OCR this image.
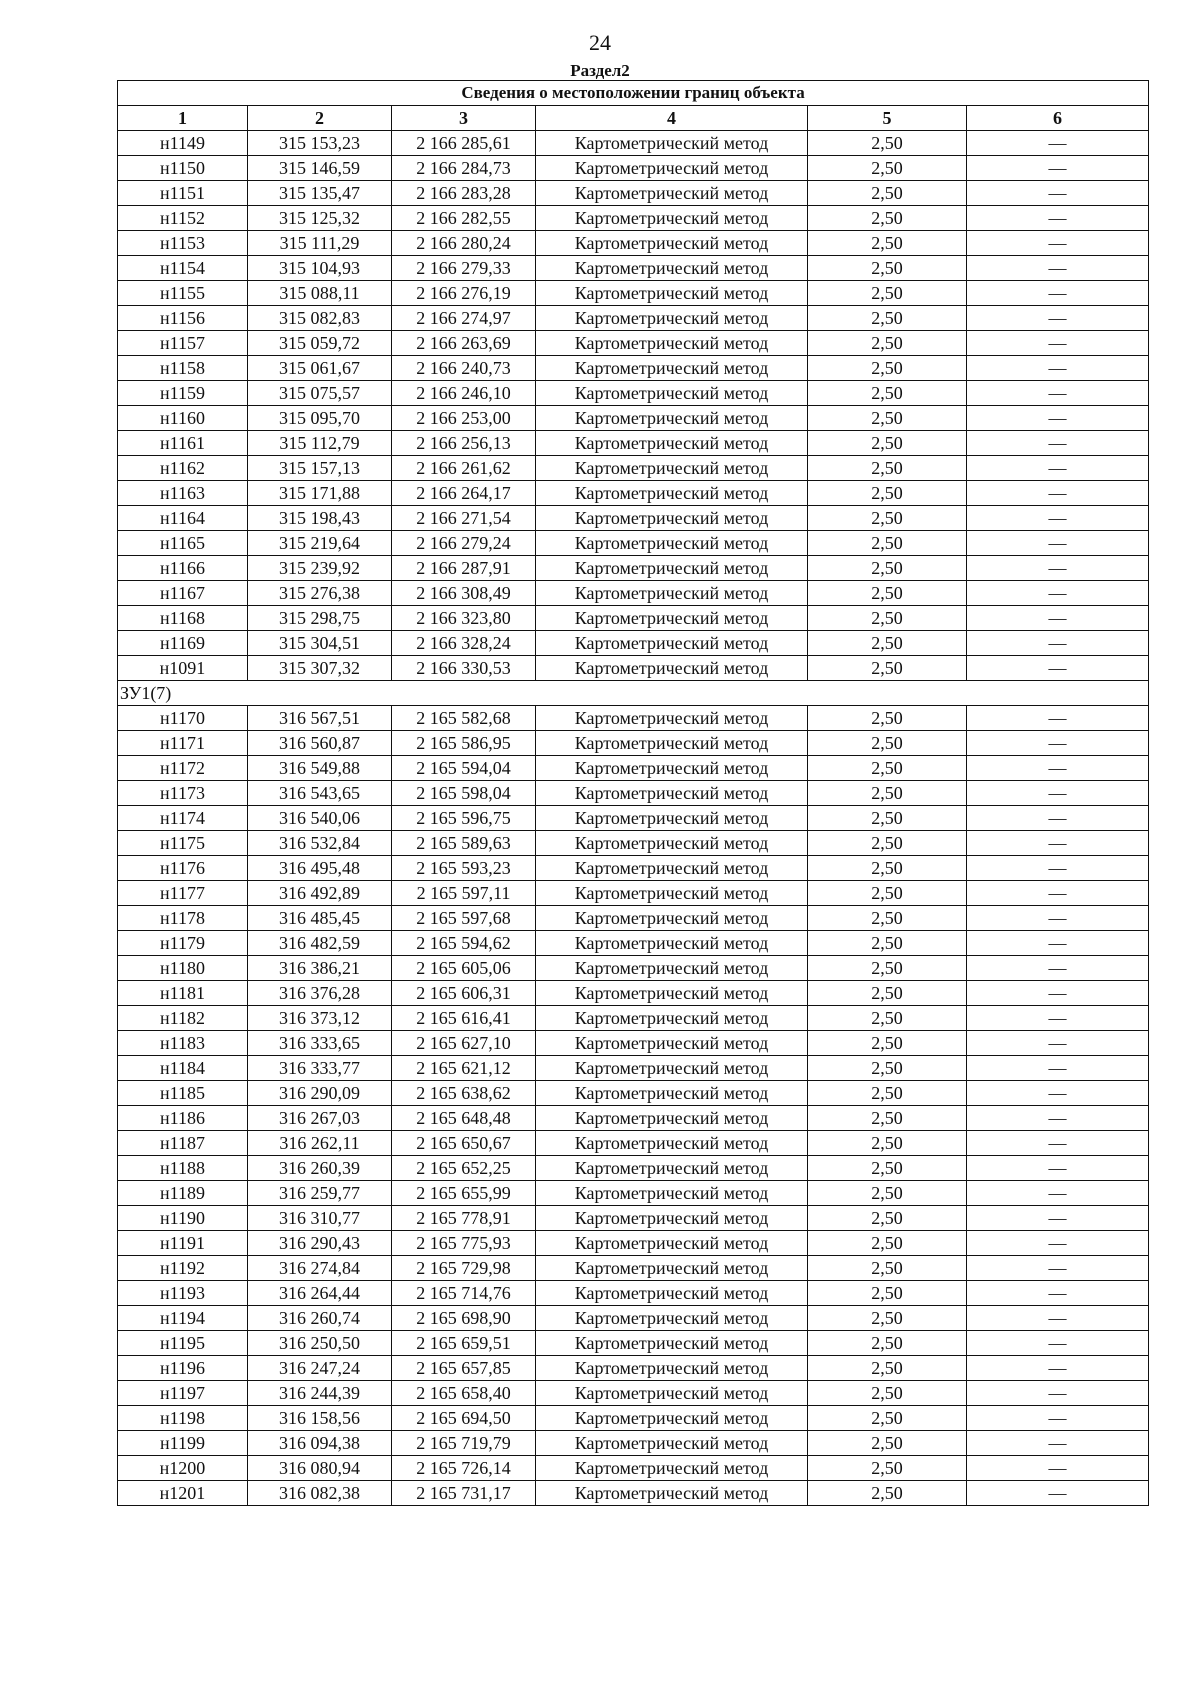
24
Раздел2
Сведения о местоположении границ объекта					
1	2	3	4	5	6
н1149	315 153,23	2 166 285,61	Картометрический метод	2,50	—
н1150	315 146,59	2 166 284,73	Картометрический метод	2,50	—
н1151	315 135,47	2 166 283,28	Картометрический метод	2,50	—
н1152	315 125,32	2 166 282,55	Картометрический метод	2,50	—
н1153	315 111,29	2 166 280,24	Картометрический метод	2,50	—
н1154	315 104,93	2 166 279,33	Картометрический метод	2,50	—
н1155	315 088,11	2 166 276,19	Картометрический метод	2,50	—
н1156	315 082,83	2 166 274,97	Картометрический метод	2,50	—
н1157	315 059,72	2 166 263,69	Картометрический метод	2,50	—
н1158	315 061,67	2 166 240,73	Картометрический метод	2,50	—
н1159	315 075,57	2 166 246,10	Картометрический метод	2,50	—
н1160	315 095,70	2 166 253,00	Картометрический метод	2,50	—
н1161	315 112,79	2 166 256,13	Картометрический метод	2,50	—
н1162	315 157,13	2 166 261,62	Картометрический метод	2,50	—
н1163	315 171,88	2 166 264,17	Картометрический метод	2,50	—
н1164	315 198,43	2 166 271,54	Картометрический метод	2,50	—
н1165	315 219,64	2 166 279,24	Картометрический метод	2,50	—
н1166	315 239,92	2 166 287,91	Картометрический метод	2,50	—
н1167	315 276,38	2 166 308,49	Картометрический метод	2,50	—
н1168	315 298,75	2 166 323,80	Картометрический метод	2,50	—
н1169	315 304,51	2 166 328,24	Картометрический метод	2,50	—
н1091	315 307,32	2 166 330,53	Картометрический метод	2,50	—
ЗУ1(7)					
н1170	316 567,51	2 165 582,68	Картометрический метод	2,50	—
н1171	316 560,87	2 165 586,95	Картометрический метод	2,50	—
н1172	316 549,88	2 165 594,04	Картометрический метод	2,50	—
н1173	316 543,65	2 165 598,04	Картометрический метод	2,50	—
н1174	316 540,06	2 165 596,75	Картометрический метод	2,50	—
н1175	316 532,84	2 165 589,63	Картометрический метод	2,50	—
н1176	316 495,48	2 165 593,23	Картометрический метод	2,50	—
н1177	316 492,89	2 165 597,11	Картометрический метод	2,50	—
н1178	316 485,45	2 165 597,68	Картометрический метод	2,50	—
н1179	316 482,59	2 165 594,62	Картометрический метод	2,50	—
н1180	316 386,21	2 165 605,06	Картометрический метод	2,50	—
н1181	316 376,28	2 165 606,31	Картометрический метод	2,50	—
н1182	316 373,12	2 165 616,41	Картометрический метод	2,50	—
н1183	316 333,65	2 165 627,10	Картометрический метод	2,50	—
н1184	316 333,77	2 165 621,12	Картометрический метод	2,50	—
н1185	316 290,09	2 165 638,62	Картометрический метод	2,50	—
н1186	316 267,03	2 165 648,48	Картометрический метод	2,50	—
н1187	316 262,11	2 165 650,67	Картометрический метод	2,50	—
н1188	316 260,39	2 165 652,25	Картометрический метод	2,50	—
н1189	316 259,77	2 165 655,99	Картометрический метод	2,50	—
н1190	316 310,77	2 165 778,91	Картометрический метод	2,50	—
н1191	316 290,43	2 165 775,93	Картометрический метод	2,50	—
н1192	316 274,84	2 165 729,98	Картометрический метод	2,50	—
н1193	316 264,44	2 165 714,76	Картометрический метод	2,50	—
н1194	316 260,74	2 165 698,90	Картометрический метод	2,50	—
н1195	316 250,50	2 165 659,51	Картометрический метод	2,50	—
н1196	316 247,24	2 165 657,85	Картометрический метод	2,50	—
н1197	316 244,39	2 165 658,40	Картометрический метод	2,50	—
н1198	316 158,56	2 165 694,50	Картометрический метод	2,50	—
н1199	316 094,38	2 165 719,79	Картометрический метод	2,50	—
н1200	316 080,94	2 165 726,14	Картометрический метод	2,50	—
н1201	316 082,38	2 165 731,17	Картометрический метод	2,50	—
